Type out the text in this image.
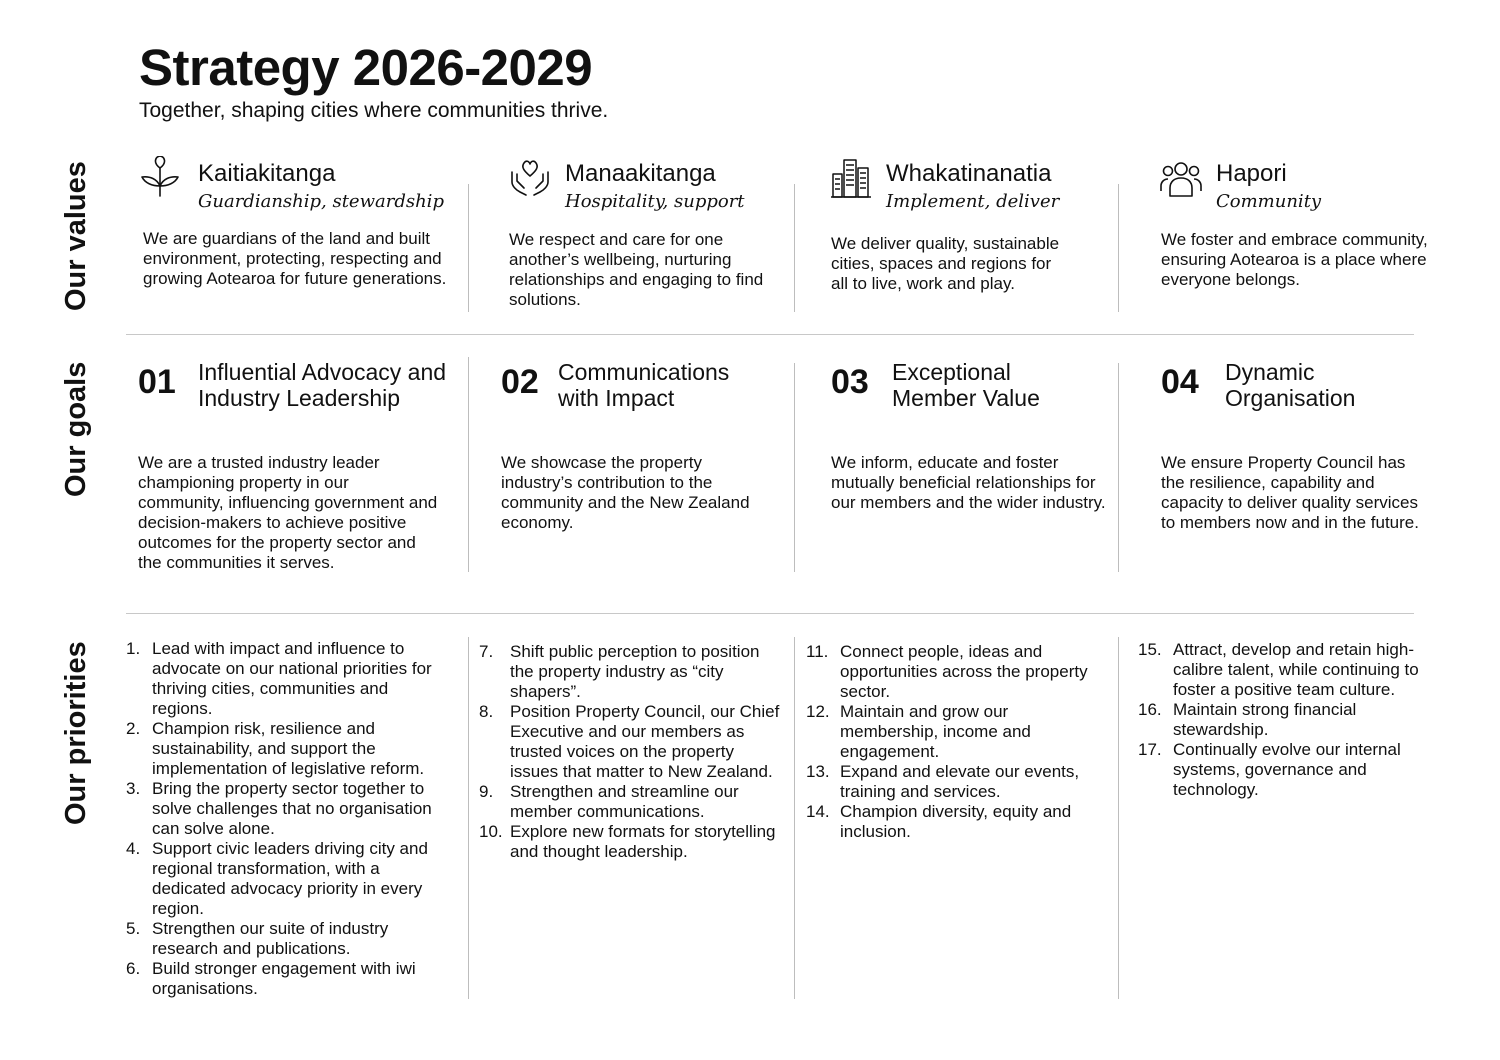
Strategy 2026-2029
Together, shaping cities where communities thrive.
Our values
Our goals
Our priorities
Kaitiakitanga
Guardianship, stewardship
We are guardians of the land and built environment, protecting, respecting and growing Aotearoa for future generations.
Manaakitanga
Hospitality, support
We respect and care for one another’s wellbeing, nurturing relationships and engaging to find solutions.
Whakatinanatia
Implement, deliver
We deliver quality, sustainable cities, spaces and regions for all to live, work and play.
Hapori
Community
We foster and embrace community, ensuring Aotearoa is a place where everyone belongs.
01 Influential Advocacy and Industry Leadership
We are a trusted industry leader championing property in our community, influencing government and decision-makers to achieve positive outcomes for the property sector and the communities it serves.
02 Communications with Impact
We showcase the property industry’s contribution to the community and the New Zealand economy.
03 Exceptional Member Value
We inform, educate and foster mutually beneficial relationships for our members and the wider industry.
04 Dynamic Organisation
We ensure Property Council has the resilience, capability and capacity to deliver quality services to members now and in the future.
1. Lead with impact and influence to advocate on our national priorities for thriving cities, communities and regions.
2. Champion risk, resilience and sustainability, and support the implementation of legislative reform.
3. Bring the property sector together to solve challenges that no organisation can solve alone.
4. Support civic leaders driving city and regional transformation, with a dedicated advocacy priority in every region.
5. Strengthen our suite of industry research and publications.
6. Build stronger engagement with iwi organisations.
7. Shift public perception to position the property industry as “city shapers”.
8. Position Property Council, our Chief Executive and our members as trusted voices on the property issues that matter to New Zealand.
9. Strengthen and streamline our member communications.
10. Explore new formats for storytelling and thought leadership.
11. Connect people, ideas and opportunities across the property sector.
12. Maintain and grow our membership, income and engagement.
13. Expand and elevate our events, training and services.
14. Champion diversity, equity and inclusion.
15. Attract, develop and retain high-calibre talent, while continuing to foster a positive team culture.
16. Maintain strong financial stewardship.
17. Continually evolve our internal systems, governance and technology.
